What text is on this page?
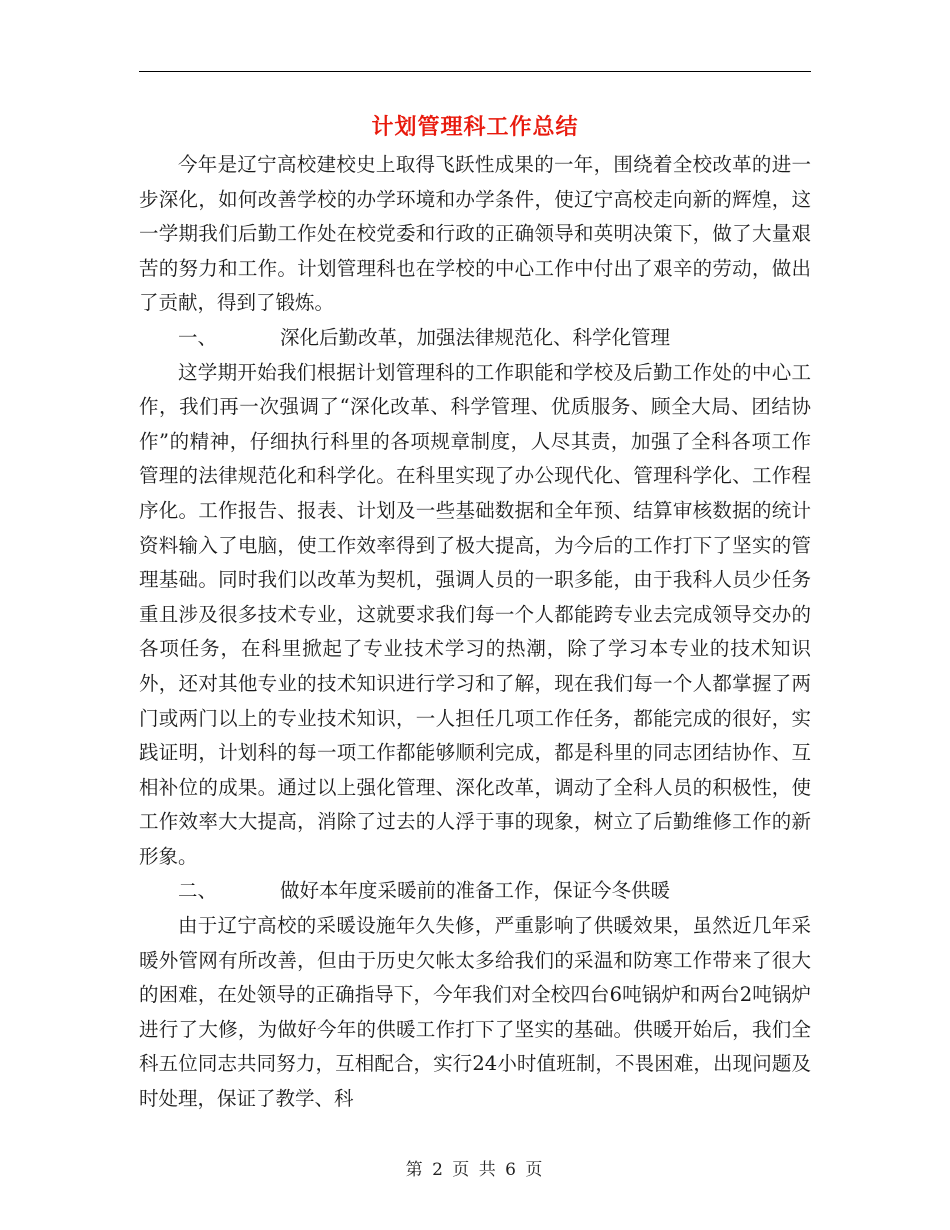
计划管理科工作总结

今年是辽宁高校建校史上取得飞跃性成果的一年，围绕着全校改革的进一步深化，如何改善学校的办学环境和办学条件，使辽宁高校走向新的辉煌，这一学期我们后勤工作处在校党委和行政的正确领导和英明决策下，做了大量艰苦的努力和工作。计划管理科也在学校的中心工作中付出了艰辛的劳动，做出了贡献，得到了锻炼。

一、	深化后勤改革，加强法律规范化、科学化管理

这学期开始我们根据计划管理科的工作职能和学校及后勤工作处的中心工作，我们再一次强调了“深化改革、科学管理、优质服务、顾全大局、团结协作”的精神，仔细执行科里的各项规章制度，人尽其责，加强了全科各项工作管理的法律规范化和科学化。在科里实现了办公现代化、管理科学化、工作程序化。工作报告、报表、计划及一些基础数据和全年预、结算审核数据的统计资料输入了电脑，使工作效率得到了极大提高，为今后的工作打下了坚实的管理基础。同时我们以改革为契机，强调人员的一职多能，由于我科人员少任务重且涉及很多技术专业，这就要求我们每一个人都能跨专业去完成领导交办的各项任务，在科里掀起了专业技术学习的热潮，除了学习本专业的技术知识外，还对其他专业的技术知识进行学习和了解，现在我们每一个人都掌握了两门或两门以上的专业技术知识，一人担任几项工作任务，都能完成的很好，实践证明，计划科的每一项工作都能够顺利完成，都是科里的同志团结协作、互相补位的成果。通过以上强化管理、深化改革，调动了全科人员的积极性，使工作效率大大提高，消除了过去的人浮于事的现象，树立了后勤维修工作的新形象。

二、	做好本年度采暖前的准备工作，保证今冬供暖

由于辽宁高校的采暖设施年久失修，严重影响了供暖效果，虽然近几年采暖外管网有所改善，但由于历史欠帐太多给我们的采温和防寒工作带来了很大的困难，在处领导的正确指导下，今年我们对全校四台6吨锅炉和两台2吨锅炉进行了大修，为做好今年的供暖工作打下了坚实的基础。供暖开始后，我们全科五位同志共同努力，互相配合，实行24小时值班制，不畏困难，出现问题及时处理，保证了教学、科

第 2 页 共 6 页
